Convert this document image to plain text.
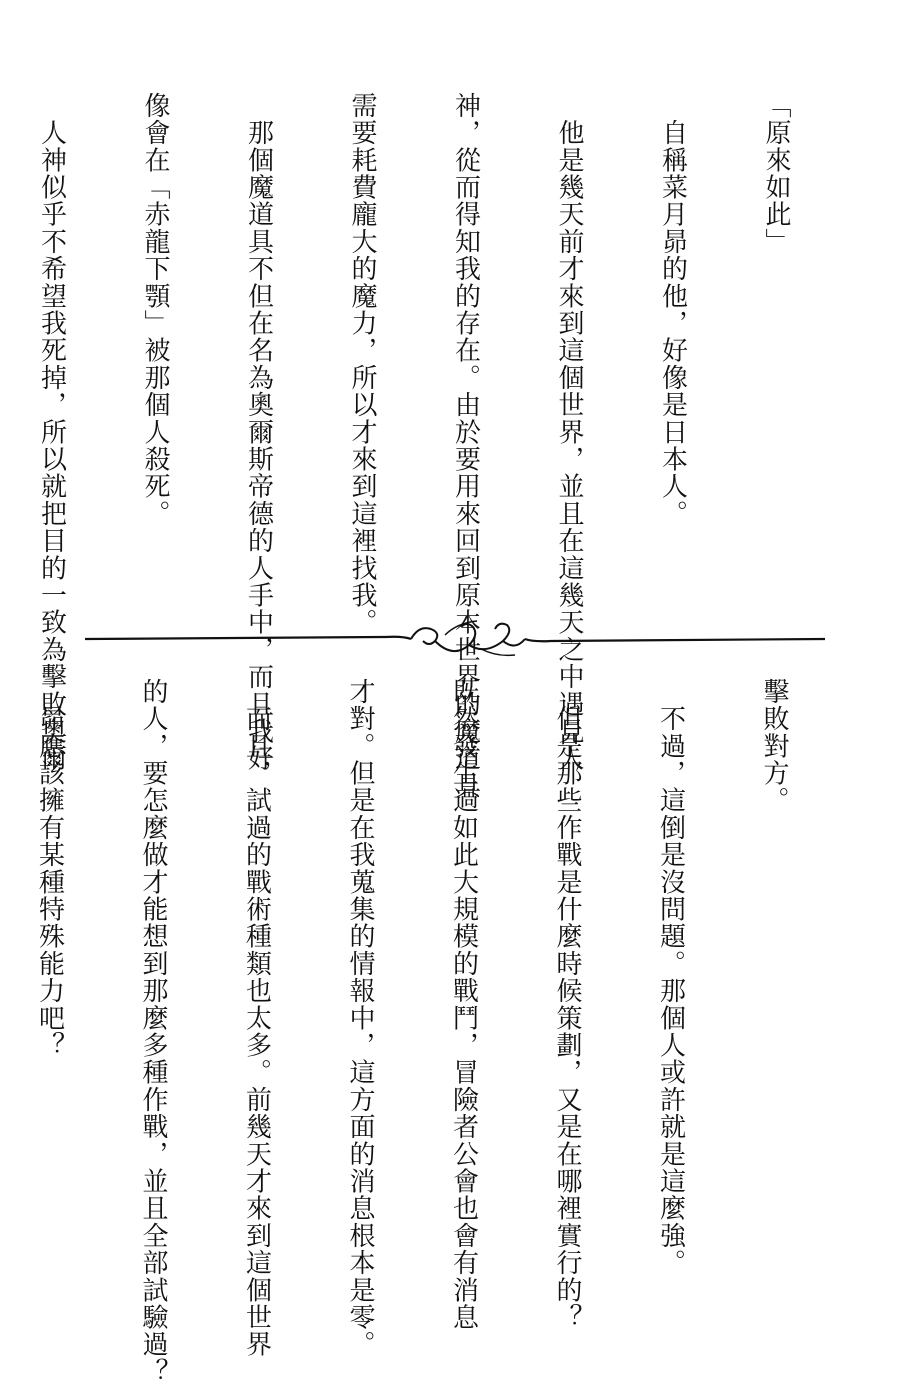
「原來如此」

　自稱菜月昴的他，好像是日本人。

　他是幾天前才來到這個世界，並且在這幾天之中遇見人

神，從而得知我的存在。由於要用來回到原本世界的魔道具

需要耗費龐大的魔力，所以才來到這裡找我。

　那個魔道具不但在名為奧爾斯帝德的人手中，而且我好

像會在「赤龍下顎」被那個人殺死。

　人神似乎不希望我死掉，所以就把目的一致為擊敗奧爾

	擊敗對方。

　不過，這倒是沒問題。那個人或許就是這麼強。

　但是那些作戰是什麼時候策劃，又是在哪裡實行的？

既然發生過如此大規模的戰鬥，冒險者公會也會有消息

才對。但是在我蒐集的情報中，這方面的消息根本是零。

　而且，試過的戰術種類也太多。前幾天才來到這個世界

的人，要怎麼做才能想到那麼多種作戰，並且全部試驗過？

　昴應該擁有某種特殊能力吧？
